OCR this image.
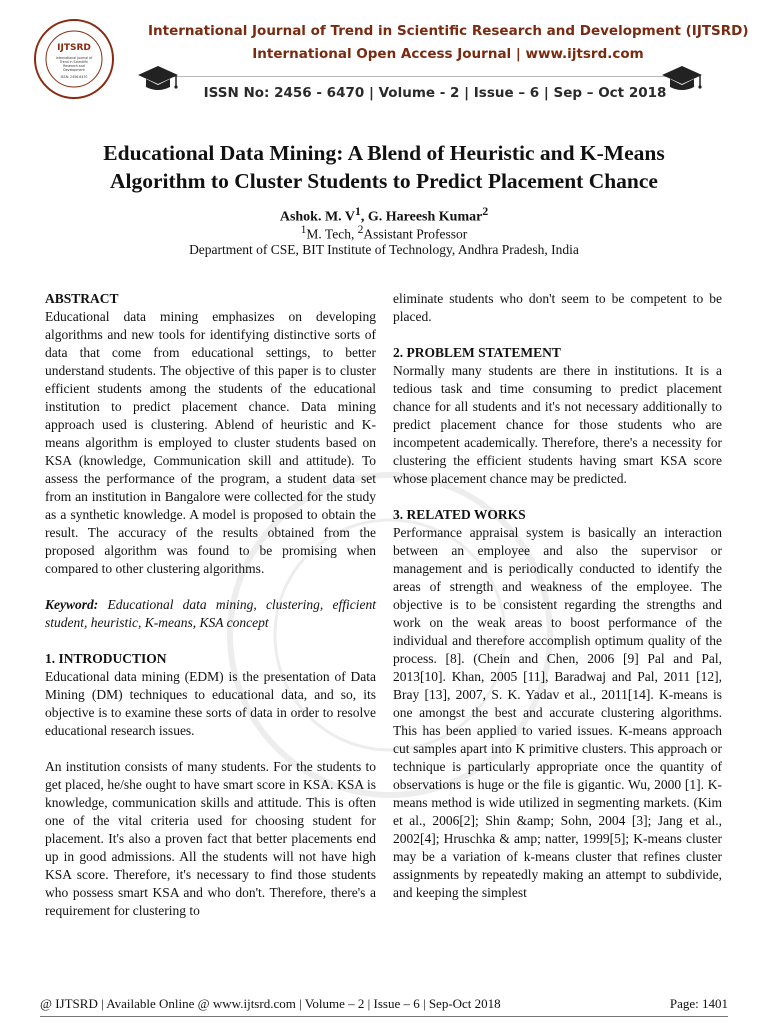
IJTSRD
International Journal of
Trend in Scientific
Research and
Development
ISSN: 2456-6470
International Journal of Trend in Scientific Research and Development (IJTSRD)
International Open Access Journal | www.ijtsrd.com
ISSN No: 2456 - 6470 | Volume - 2 | Issue – 6 | Sep – Oct 2018
Educational Data Mining: A Blend of Heuristic and K-Means
Algorithm to Cluster Students to Predict Placement Chance
Ashok. M. $V^1$, G. Hareesh Kumar$^2$
$^1$M. Tech, $^2$Assistant Professor
Department of CSE, BIT Institute of Technology, Andhra Pradesh, India

ABSTRACT

Educational data mining emphasizes on developing algorithms and new tools for identifying distinctive sorts of data that come from educational settings, to better understand students. The objective of this paper is to cluster efficient students among the students of the educational institution to predict placement chance. Data mining approach used is clustering. Ablend of heuristic and K-means algorithm is employed to cluster students based on KSA (knowledge, Communication skill and attitude). To assess the performance of the program, a student data set from an institution in Bangalore were collected for the study as a synthetic knowledge. A model is proposed to obtain the result. The accuracy of the results obtained from the proposed algorithm was found to be promising when compared to other clustering algorithms.

Keyword: Educational data mining, clustering, efficient student, heuristic, K-means, KSA concept

1. INTRODUCTION

Educational data mining (EDM) is the presentation of Data Mining (DM) techniques to educational data, and so, its objective is to examine these sorts of data in order to resolve educational research issues.

An institution consists of many students. For the students to get placed, he/she ought to have smart score in KSA. KSA is knowledge, communication skills and attitude. This is often one of the vital criteria used for choosing student for placement. It's also a proven fact that better placements end up in good admissions. All the students will not have high KSA score. Therefore, it's necessary to find those students who possess smart KSA and who don't. Therefore, there's a requirement for clustering to

eliminate students who don't seem to be competent to be placed.

2. PROBLEM STATEMENT

Normally many students are there in institutions. It is a tedious task and time consuming to predict placement chance for all students and it's not necessary additionally to predict placement chance for those students who are incompetent academically. Therefore, there's a necessity for clustering the efficient students having smart KSA score whose placement chance may be predicted.

3. RELATED WORKS

Performance appraisal system is basically an interaction between an employee and also the supervisor or management and is periodically conducted to identify the areas of strength and weakness of the employee. The objective is to be consistent regarding the strengths and work on the weak areas to boost performance of the individual and therefore accomplish optimum quality of the process. [8]. (Chein and Chen, 2006 [9] Pal and Pal, 2013[10]. Khan, 2005 [11], Baradwaj and Pal, 2011 [12], Bray [13], 2007, S. K. Yadav et al., 2011[14]. K-means is one amongst the best and accurate clustering algorithms. This has been applied to varied issues. K-means approach cut samples apart into K primitive clusters. This approach or technique is particularly appropriate once the quantity of observations is huge or the file is gigantic. Wu, 2000 [1]. K-means method is wide utilized in segmenting markets. (Kim et al., 2006[2]; Shin &amp; Sohn, 2004 [3]; Jang et al., 2002[4]; Hruschka & amp; natter, 1999[5]; K-means cluster may be a variation of k-means cluster that refines cluster assignments by repeatedly making an attempt to subdivide, and keeping the simplest

@ IJTSRD | Available Online @ www.ijtsrd.com | Volume – 2 | Issue – 6 | Sep-Oct 2018	Page: 1401
